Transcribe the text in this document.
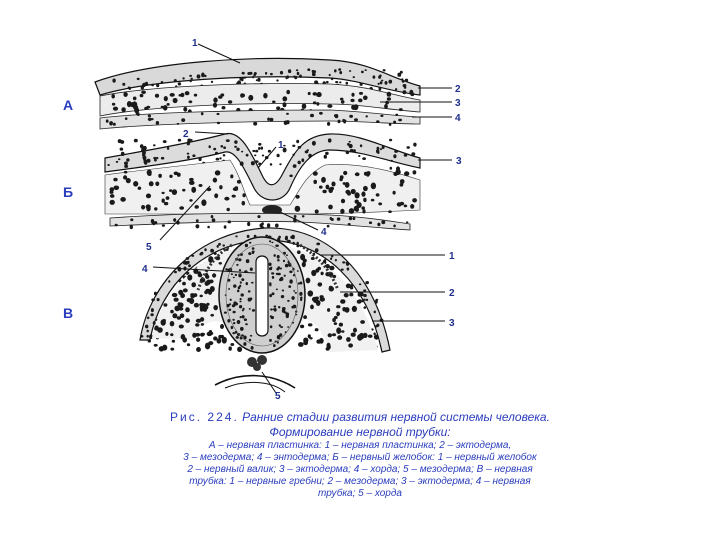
А
1
2
3
4
Б
2
1
3
5
4
В
1
4
2
3
5
Рис. 224. Ранние стадии развития нервной системы человека.
Формирование нервной трубки:
А – нервная пластинка: 1 – нервная пластинка; 2 – эктодерма,
3 – мезодерма; 4 – энтодерма; Б – нервный желобок: 1 – нервный желобок
2 – нервный валик; 3 – эктодерма; 4 – хорда; 5 – мезодерма; В – нервная
трубка: 1 – нервные гребни; 2 – мезодерма; 3 – эктодерма; 4 – нервная
трубка; 5 – хорда
